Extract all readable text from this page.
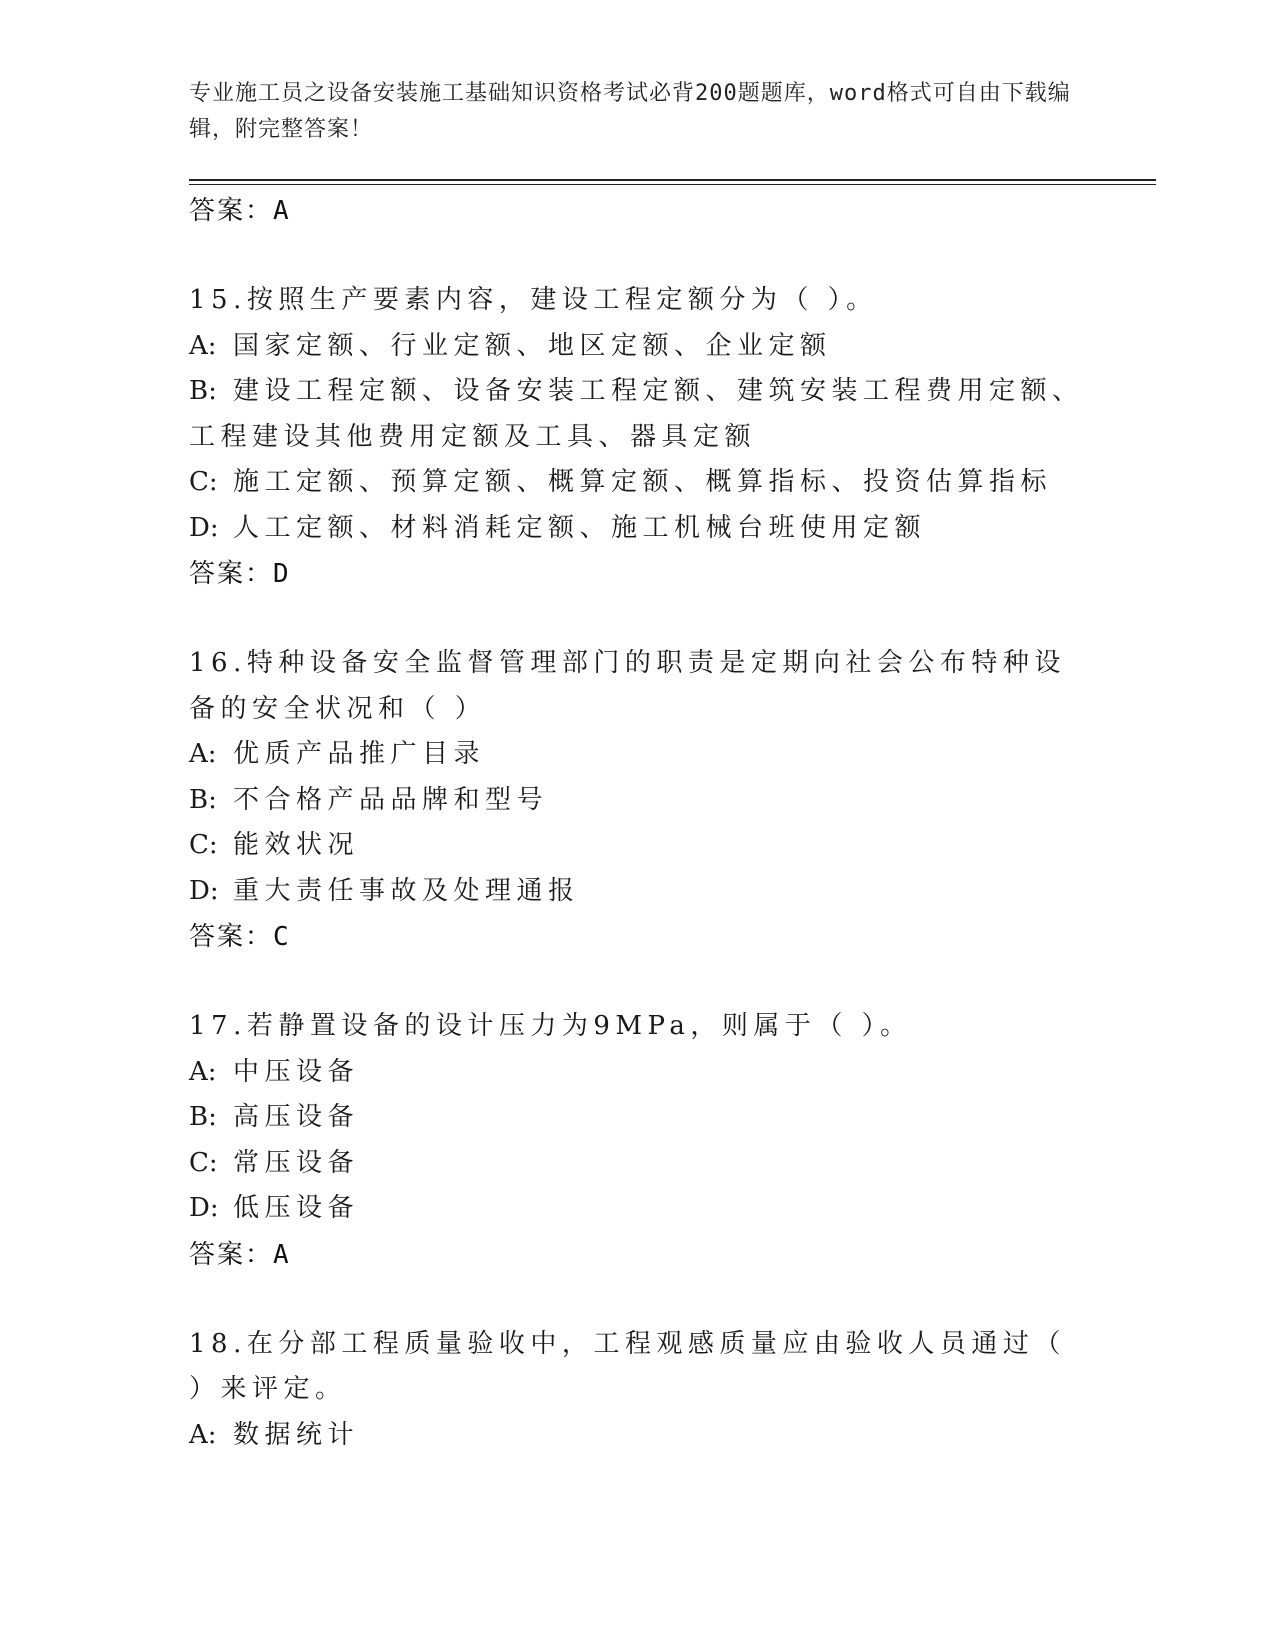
专业施工员之设备安装施工基础知识资格考试必背200题题库，word格式可自由下载编辑，附完整答案！
答案：A
15.按照生产要素内容，建设工程定额分为（ ）。
A: 国家定额、行业定额、地区定额、企业定额
B: 建设工程定额、设备安装工程定额、建筑安装工程费用定额、工程建设其他费用定额及工具、器具定额
C: 施工定额、预算定额、概算定额、概算指标、投资估算指标
D: 人工定额、材料消耗定额、施工机械台班使用定额
答案：D
16.特种设备安全监督管理部门的职责是定期向社会公布特种设备的安全状况和（ ）
A: 优质产品推广目录
B: 不合格产品品牌和型号
C: 能效状况
D: 重大责任事故及处理通报
答案：C
17.若静置设备的设计压力为9MPa，则属于（ ）。
A: 中压设备
B: 高压设备
C: 常压设备
D: 低压设备
答案：A
18.在分部工程质量验收中，工程观感质量应由验收人员通过（ ）来评定。
A: 数据统计
